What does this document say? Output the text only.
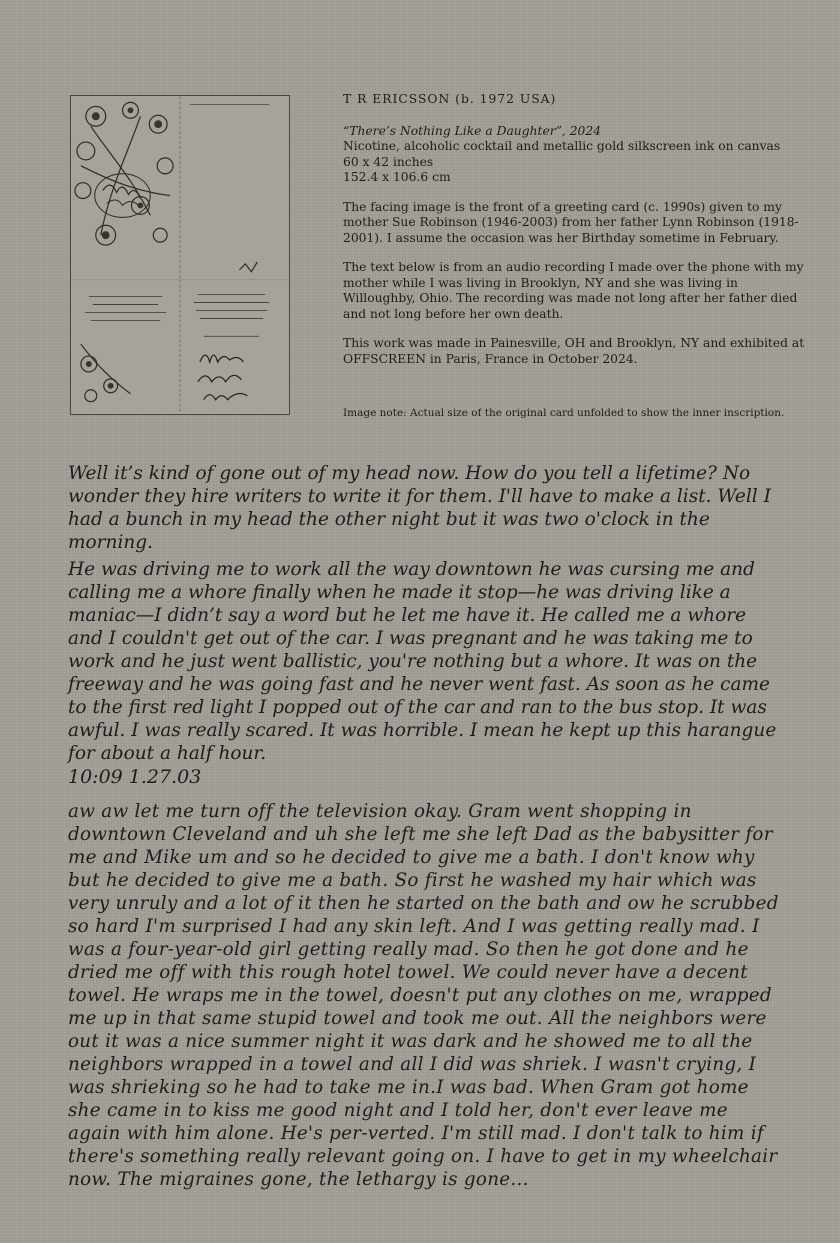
T R ERICSSON (b. 1972 USA)
“There’s Nothing Like a Daughter”, 2024
Nicotine, alcoholic cocktail and metallic gold silkscreen ink on canvas
60 x 42 inches
152.4 x 106.6 cm
The facing image is the front of a greeting card (c. 1990s) given to my mother Sue Robinson (1946-2003) from her father Lynn Robinson (1918-2001). I assume the occasion was her Birthday sometime in February.
The text below is from an audio recording I made over the phone with my mother while I was living in Brooklyn, NY and she was living in Willoughby, Ohio. The recording was made not long after her father died and not long before her own death.
This work was made in Painesville, OH and Brooklyn, NY and exhibited at OFFSCREEN in Paris, France in October 2024.
Image note: Actual size of the original card unfolded to show the inner inscription.
Well it’s kind of gone out of my head now. How do you tell a lifetime? No wonder they hire writers to write it for them. I'll have to make a list. Well I had a bunch in my head the other night but it was two o'clock in the morning.
He was driving me to work all the way downtown he was cursing me and calling me a whore finally when he made it stop—he was driving like a maniac—I didn’t say a word but he let me have it. He called me a whore and I couldn't get out of the car. I was pregnant and he was taking me to work and he just went ballistic, you're nothing but a whore. It was on the freeway and he was going fast and he never went fast. As soon as he came to the first red light I popped out of the car and ran to the bus stop. It was awful. I was really scared. It was horrible. I mean he kept up this harangue for about a half hour.
10:09 1.27.03
aw aw let me turn off the television okay. Gram went shopping in downtown Cleveland and uh she left me she left Dad as the babysitter for me and Mike um and so he decided to give me a bath. I don't know why but he decided to give me a bath. So first he washed my hair which was very unruly and a lot of it then he started on the bath and ow he scrubbed so hard I'm surprised I had any skin left. And I was getting really mad. I was a four-year-old girl getting really mad. So then he got done and he dried me off with this rough hotel towel. We could never have a decent towel. He wraps me in the towel, doesn't put any clothes on me, wrapped me up in that same stupid towel and took me out. All the neighbors were out it was a nice summer night it was dark and he showed me to all the neighbors wrapped in a towel and all I did was shriek. I wasn't crying, I was shrieking so he had to take me in.I was bad. When Gram got home she came in to kiss me good night and I told her, don't ever leave me again with him alone. He's per-verted. I'm still mad. I don't talk to him if there's something really relevant going on. I have to get in my wheelchair now. The migraines gone, the lethargy is gone...
